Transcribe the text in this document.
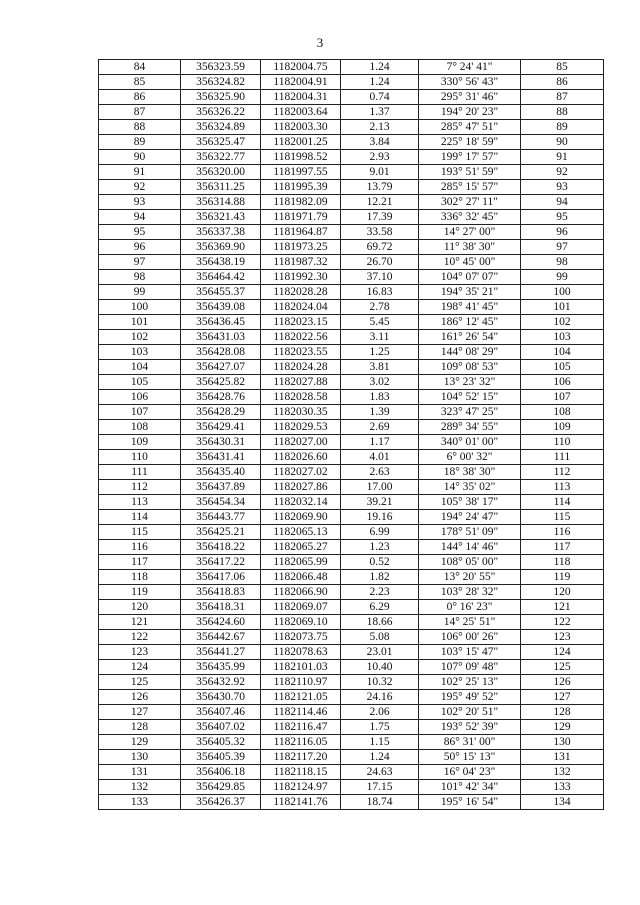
3
84	356323.59	1182004.75	1.24	7° 24' 41"	85
85	356324.82	1182004.91	1.24	330° 56' 43"	86
86	356325.90	1182004.31	0.74	295° 31' 46"	87
87	356326.22	1182003.64	1.37	194° 20' 23"	88
88	356324.89	1182003.30	2.13	285° 47' 51"	89
89	356325.47	1182001.25	3.84	225° 18' 59"	90
90	356322.77	1181998.52	2.93	199° 17' 57"	91
91	356320.00	1181997.55	9.01	193° 51' 59"	92
92	356311.25	1181995.39	13.79	285° 15' 57"	93
93	356314.88	1181982.09	12.21	302° 27' 11"	94
94	356321.43	1181971.79	17.39	336° 32' 45"	95
95	356337.38	1181964.87	33.58	14° 27' 00"	96
96	356369.90	1181973.25	69.72	11° 38' 30"	97
97	356438.19	1181987.32	26.70	10° 45' 00"	98
98	356464.42	1181992.30	37.10	104° 07' 07"	99
99	356455.37	1182028.28	16.83	194° 35' 21"	100
100	356439.08	1182024.04	2.78	198° 41' 45"	101
101	356436.45	1182023.15	5.45	186° 12' 45"	102
102	356431.03	1182022.56	3.11	161° 26' 54"	103
103	356428.08	1182023.55	1.25	144° 08' 29"	104
104	356427.07	1182024.28	3.81	109° 08' 53"	105
105	356425.82	1182027.88	3.02	13° 23' 32"	106
106	356428.76	1182028.58	1.83	104° 52' 15"	107
107	356428.29	1182030.35	1.39	323° 47' 25"	108
108	356429.41	1182029.53	2.69	289° 34' 55"	109
109	356430.31	1182027.00	1.17	340° 01' 00"	110
110	356431.41	1182026.60	4.01	6° 00' 32"	111
111	356435.40	1182027.02	2.63	18° 38' 30"	112
112	356437.89	1182027.86	17.00	14° 35' 02"	113
113	356454.34	1182032.14	39.21	105° 38' 17"	114
114	356443.77	1182069.90	19.16	194° 24' 47"	115
115	356425.21	1182065.13	6.99	178° 51' 09"	116
116	356418.22	1182065.27	1.23	144° 14' 46"	117
117	356417.22	1182065.99	0.52	108° 05' 00"	118
118	356417.06	1182066.48	1.82	13° 20' 55"	119
119	356418.83	1182066.90	2.23	103° 28' 32"	120
120	356418.31	1182069.07	6.29	0° 16' 23"	121
121	356424.60	1182069.10	18.66	14° 25' 51"	122
122	356442.67	1182073.75	5.08	106° 00' 26"	123
123	356441.27	1182078.63	23.01	103° 15' 47"	124
124	356435.99	1182101.03	10.40	107° 09' 48"	125
125	356432.92	1182110.97	10.32	102° 25' 13"	126
126	356430.70	1182121.05	24.16	195° 49' 52"	127
127	356407.46	1182114.46	2.06	102° 20' 51"	128
128	356407.02	1182116.47	1.75	193° 52' 39"	129
129	356405.32	1182116.05	1.15	86° 31' 00"	130
130	356405.39	1182117.20	1.24	50° 15' 13"	131
131	356406.18	1182118.15	24.63	16° 04' 23"	132
132	356429.85	1182124.97	17.15	101° 42' 34"	133
133	356426.37	1182141.76	18.74	195° 16' 54"	134
